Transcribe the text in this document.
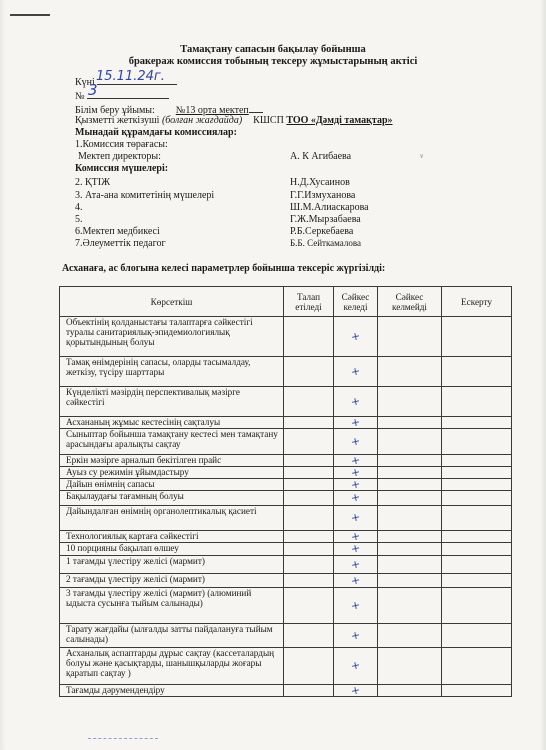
Тамақтану сапасын бақылау бойынша
бракераж комиссия тобының тексеру жұмыстарының актісі
Күні 15.11.24г.
№ 3
Білім беру ұйымы: №13 орта мектеп
Қызметті жеткізуші (болған жағдайда) КШСП ТОО «Дәмді тамақтар»
Мынадай құрамдағы комиссиялар:
1.Комиссия төрағасы:
Мектеп директоры:	А. К Агибаева	v
Комиссия мүшелері:
2. ҚТІЖ	Н.Д.Хусаинов
3. Ата-ана комитетінің мүшелері	Г.Г.Измуханова
4.	Ш.М.Алиаскарова
5.	Г.Ж.Мырзабаева
6.Мектеп медбикесі	Р.Б.Серкебаева
7.Әлеуметтік педагог	Б.Б. Сейткамалова
Асханаға, ас блогына келесі параметрлер бойынша тексеріс жүргізілді:
Көрсеткіш	Талап етіледі	Сәйкес келеді	Сәйкес келмейді	Ескерту
Объектінің қолданыстағы талаптарға сәйкестігі туралы санитариялық-эпидемиологиялық қорытындының болуы		+		
Тамақ өнімдерінің сапасы, оларды тасымалдау, жеткізу, түсіру шарттары		+		
Күнделікті мәзірдің перспективалық мәзірге сәйкестігі		+		
Асхананың жұмыс кестесінің сақталуы		+		
Сыныптар бойынша тамақтану кестесі мен тамақтану арасындағы аралықты сақтау		+		
Еркін мәзірге арналып бекітілген прайс		+		
Ауыз су режимін ұйымдастыру		+		
Дайын өнімнің сапасы		+		
Бақылаудағы тағамның болуы		+		
Дайындалған өнімнің органолептикалық қасиеті		+		
Технологиялық картаға сәйкестігі		+		
10 порцияны бақылап өлшеу		+		
1 тағамды үлестіру желісі (мармит)		+		
2 тағамды үлестіру желісі (мармит)		+		
3 тағамды үлестіру желісі (мармит) (алюминий ыдыста сусынға тыйым салынады)		+		
Тарату жағдайы (ылғалды затты пайдалануға тыйым салынады)		+		
Асханалық аспаптарды дұрыс сақтау (кассеталардың болуы және қасықтарды, шанышқыларды жоғары қаратып сақтау )		+		
Тағамды дәрумендендіру		+		
